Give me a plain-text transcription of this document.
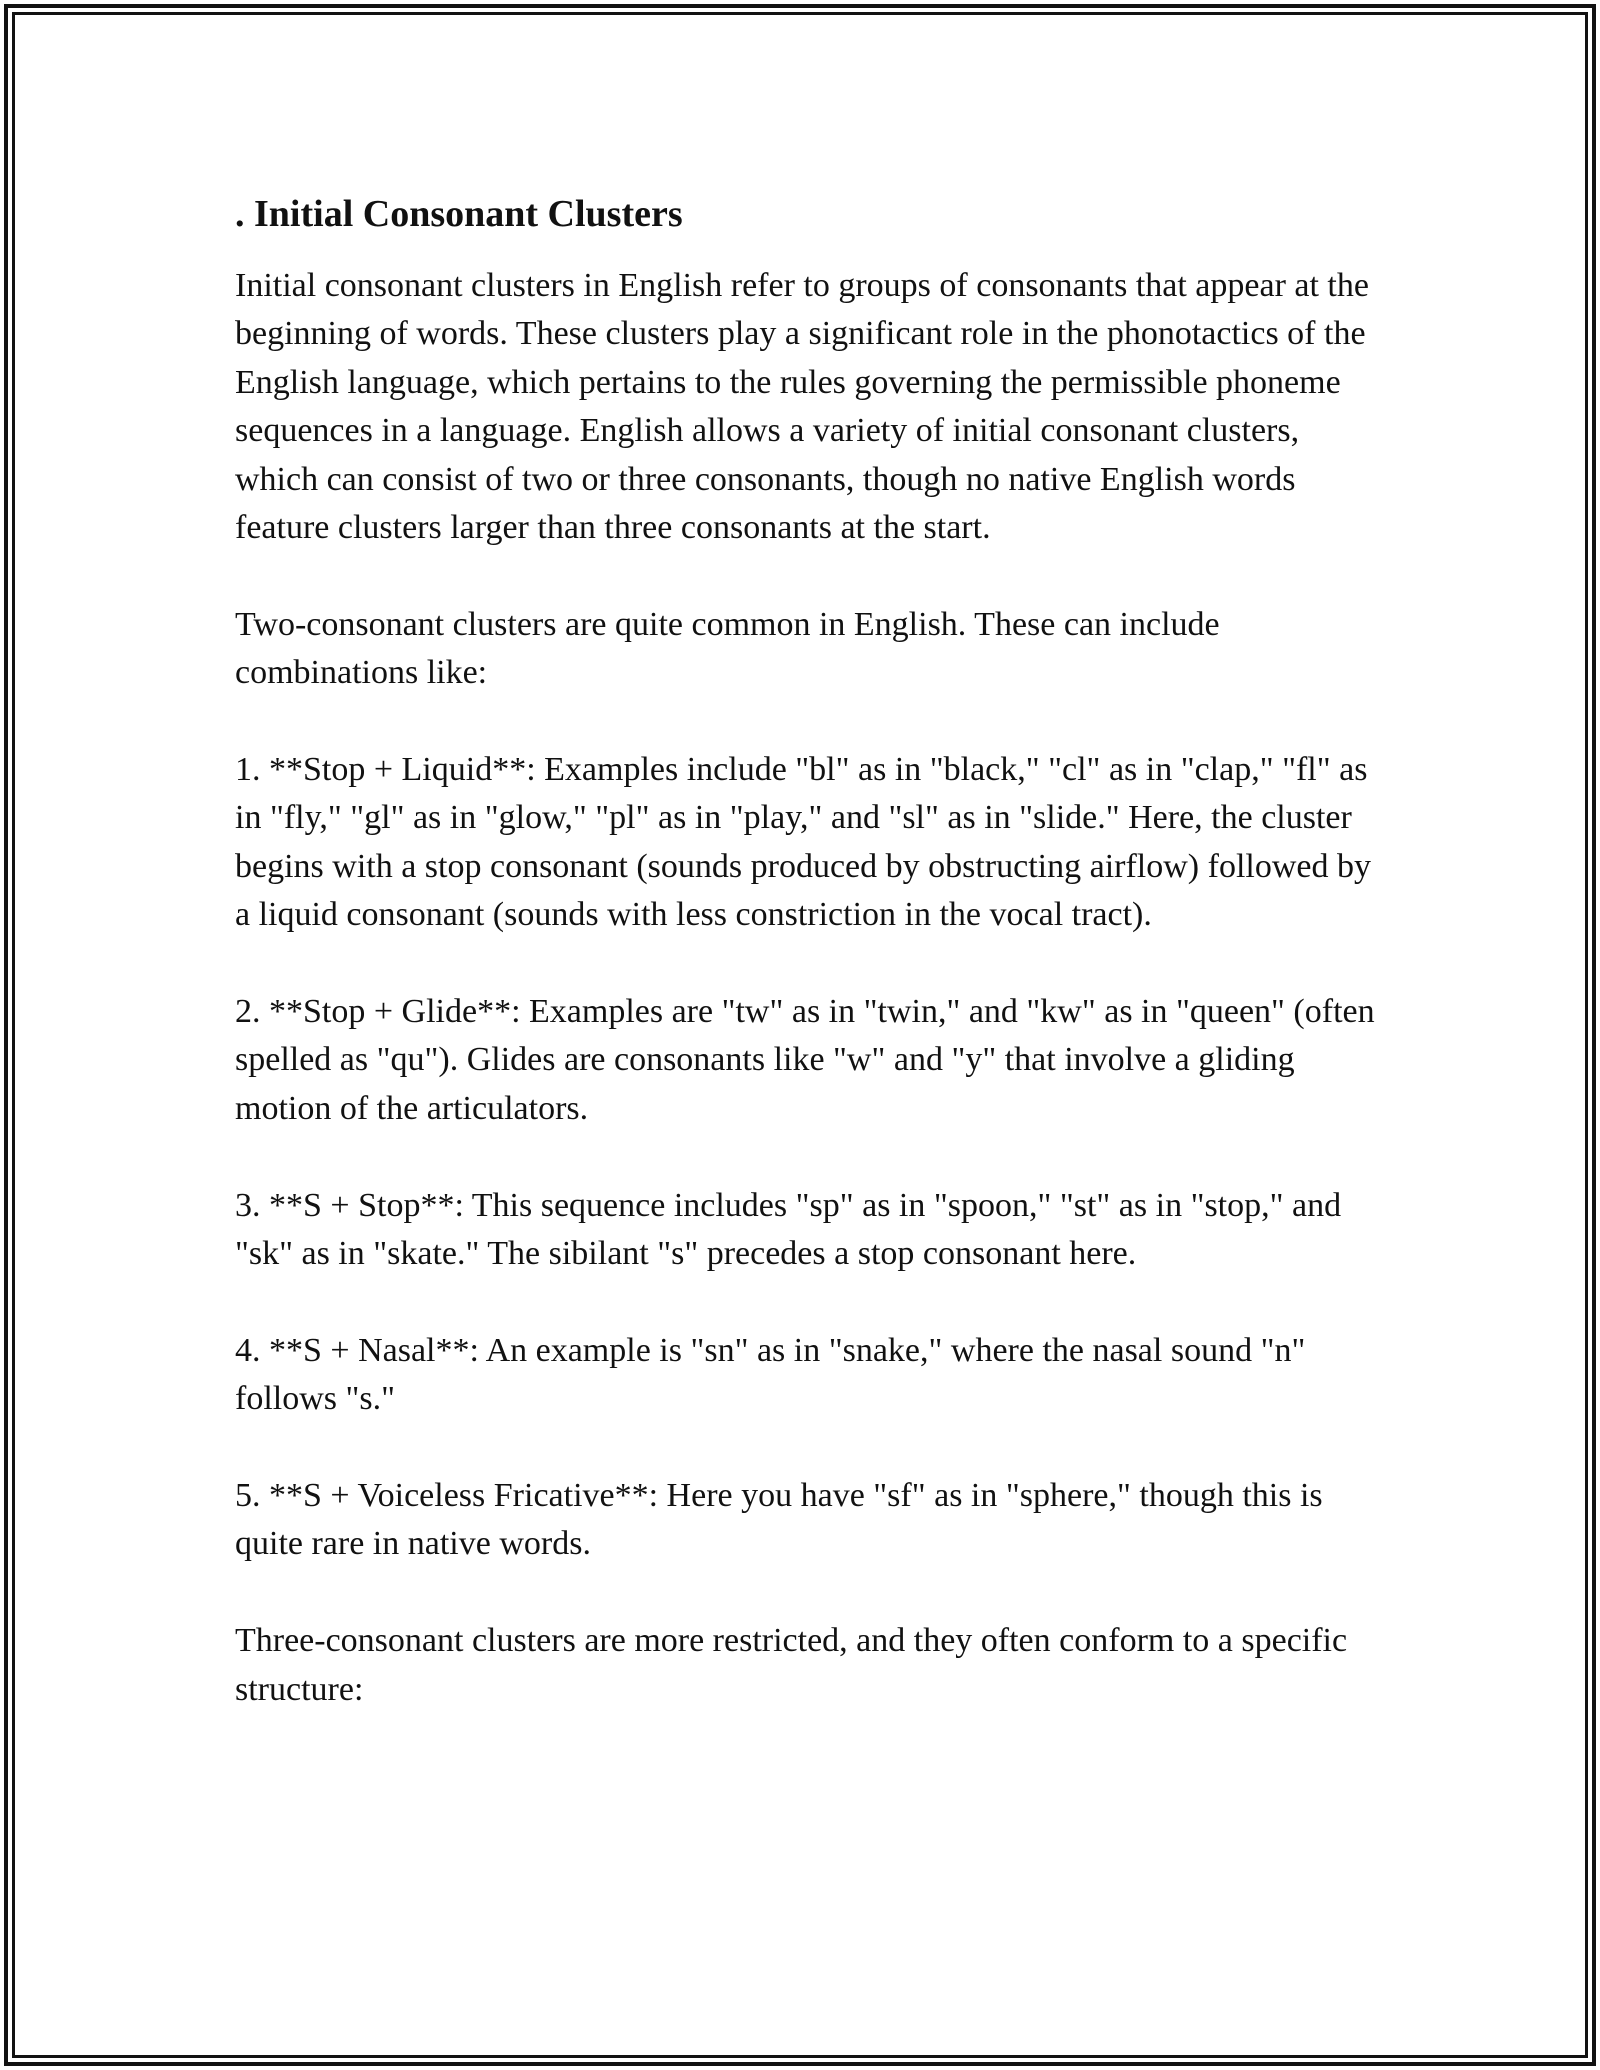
. Initial Consonant Clusters

Initial consonant clusters in English refer to groups of consonants that appear at the beginning of words. These clusters play a significant role in the phonotactics of the English language, which pertains to the rules governing the permissible phoneme sequences in a language. English allows a variety of initial consonant clusters, which can consist of two or three consonants, though no native English words feature clusters larger than three consonants at the start.

Two-consonant clusters are quite common in English. These can include combinations like:

1. **Stop + Liquid**: Examples include "bl" as in "black," "cl" as in "clap," "fl" as in "fly," "gl" as in "glow," "pl" as in "play," and "sl" as in "slide." Here, the cluster begins with a stop consonant (sounds produced by obstructing airflow) followed by a liquid consonant (sounds with less constriction in the vocal tract).

2. **Stop + Glide**: Examples are "tw" as in "twin," and "kw" as in "queen" (often spelled as "qu"). Glides are consonants like "w" and "y" that involve a gliding motion of the articulators.

3. **S + Stop**: This sequence includes "sp" as in "spoon," "st" as in "stop," and "sk" as in "skate." The sibilant "s" precedes a stop consonant here.

4. **S + Nasal**: An example is "sn" as in "snake," where the nasal sound "n" follows "s."

5. **S + Voiceless Fricative**: Here you have "sf" as in "sphere," though this is quite rare in native words.

Three-consonant clusters are more restricted, and they often conform to a specific structure:
